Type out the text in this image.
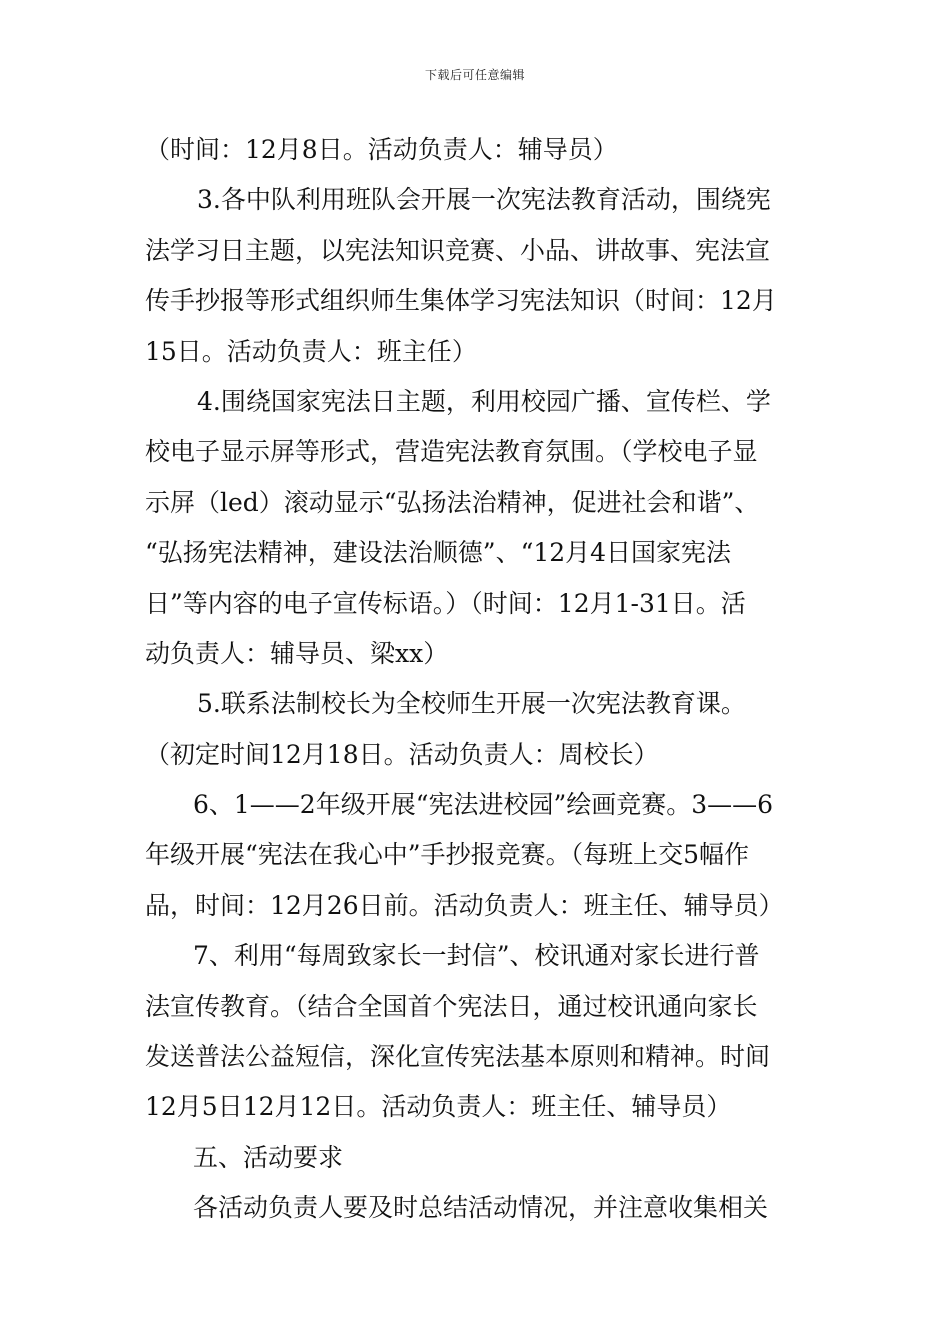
下载后可任意编辑
（时间：12月8日。活动负责人：辅导员）
3.各中队利用班队会开展一次宪法教育活动，围绕宪
法学习日主题，以宪法知识竞赛、小品、讲故事、宪法宣
传手抄报等形式组织师生集体学习宪法知识（时间：12月
15日。活动负责人：班主任）
4.围绕国家宪法日主题，利用校园广播、宣传栏、学
校电子显示屏等形式，营造宪法教育氛围。（学校电子显
示屏（led）滚动显示“弘扬法治精神，促进社会和谐”、
“弘扬宪法精神，建设法治顺德”、“12月4日国家宪法
日”等内容的电子宣传标语。）（时间：12月1-31日。活
动负责人：辅导员、梁xx）
5.联系法制校长为全校师生开展一次宪法教育课。
（初定时间12月18日。活动负责人：周校长）
6、1——2年级开展“宪法进校园”绘画竞赛。3——6
年级开展“宪法在我心中”手抄报竞赛。（每班上交5幅作
品，时间：12月26日前。活动负责人：班主任、辅导员）
7、利用“每周致家长一封信”、校讯通对家长进行普
法宣传教育。（结合全国首个宪法日，通过校讯通向家长
发送普法公益短信，深化宣传宪法基本原则和精神。时间
12月5日12月12日。活动负责人：班主任、辅导员）
五、活动要求
各活动负责人要及时总结活动情况，并注意收集相关
